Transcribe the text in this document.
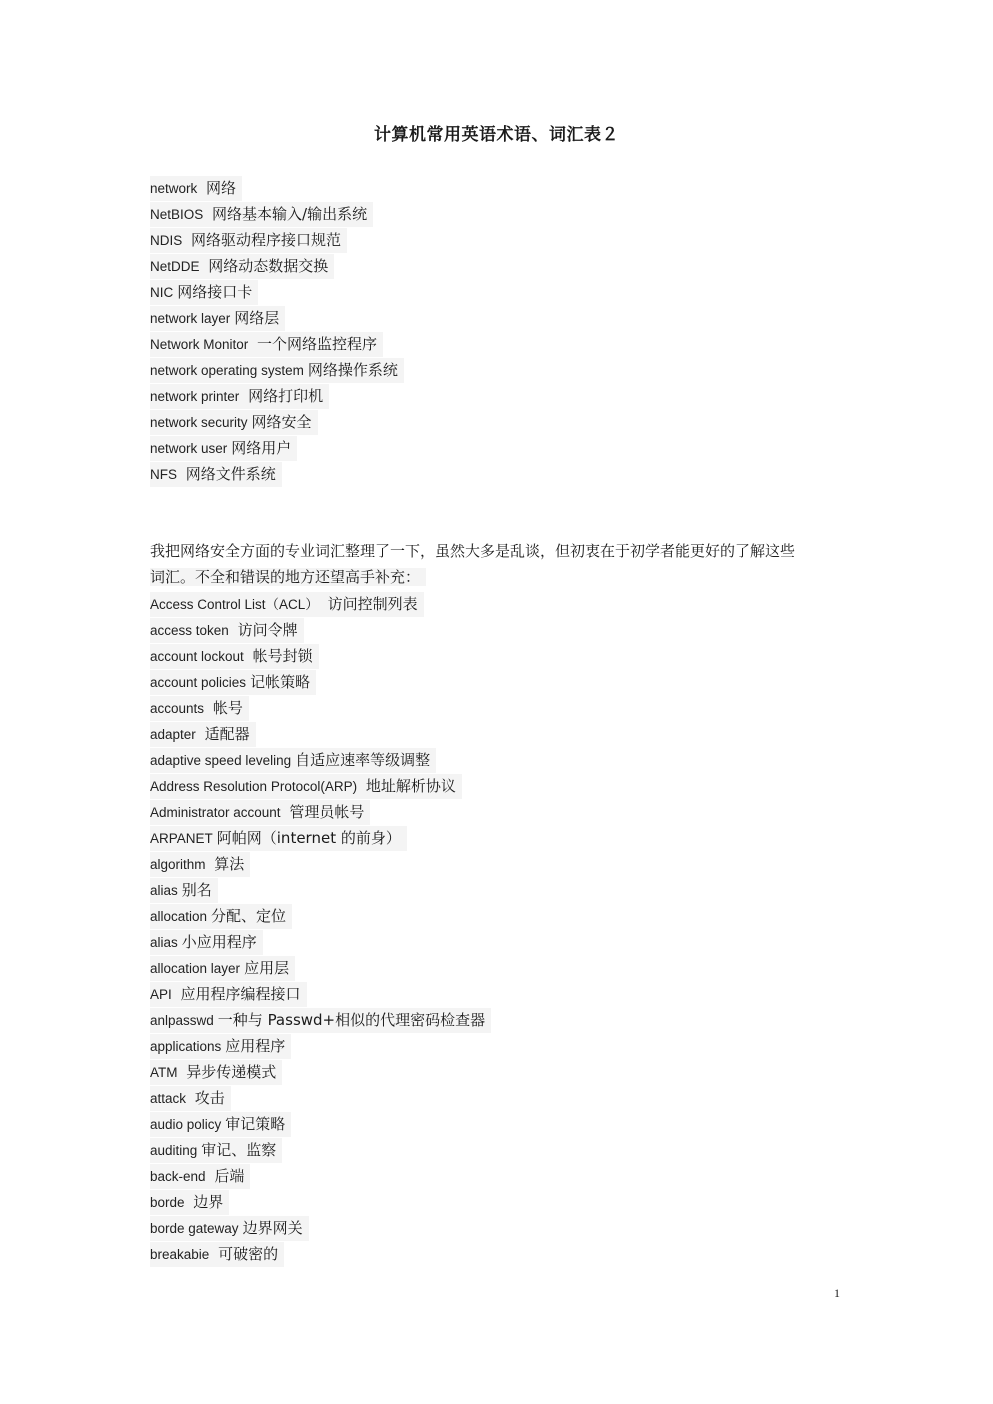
计算机常用英语术语、词汇表２
network 网络
NetBIOS 网络基本输入/输出系统
NDIS 网络驱动程序接口规范
NetDDE 网络动态数据交换
NIC 网络接口卡
network layer 网络层
Network Monitor 一个网络监控程序
network operating system 网络操作系统
network printer 网络打印机
network security 网络安全
network user 网络用户
NFS 网络文件系统
我把网络安全方面的专业词汇整理了一下，虽然大多是乱谈，但初衷在于初学者能更好的了解这些
词汇。不全和错误的地方还望高手补充：
Access Control List（ACL） 访问控制列表
access token 访问令牌
account lockout 帐号封锁
account policies 记帐策略
accounts 帐号
adapter 适配器
adaptive speed leveling 自适应速率等级调整
Address Resolution Protocol(ARP) 地址解析协议
Administrator account 管理员帐号
ARPANET 阿帕网（internet 的前身）
algorithm 算法
alias 别名
allocation 分配、定位
alias 小应用程序
allocation layer 应用层
API 应用程序编程接口
anlpasswd 一种与 Passwd+相似的代理密码检查器
applications 应用程序
ATM 异步传递模式
attack 攻击
audio policy 审记策略
auditing 审记、监察
back-end 后端
borde 边界
borde gateway 边界网关
breakabie 可破密的
1
